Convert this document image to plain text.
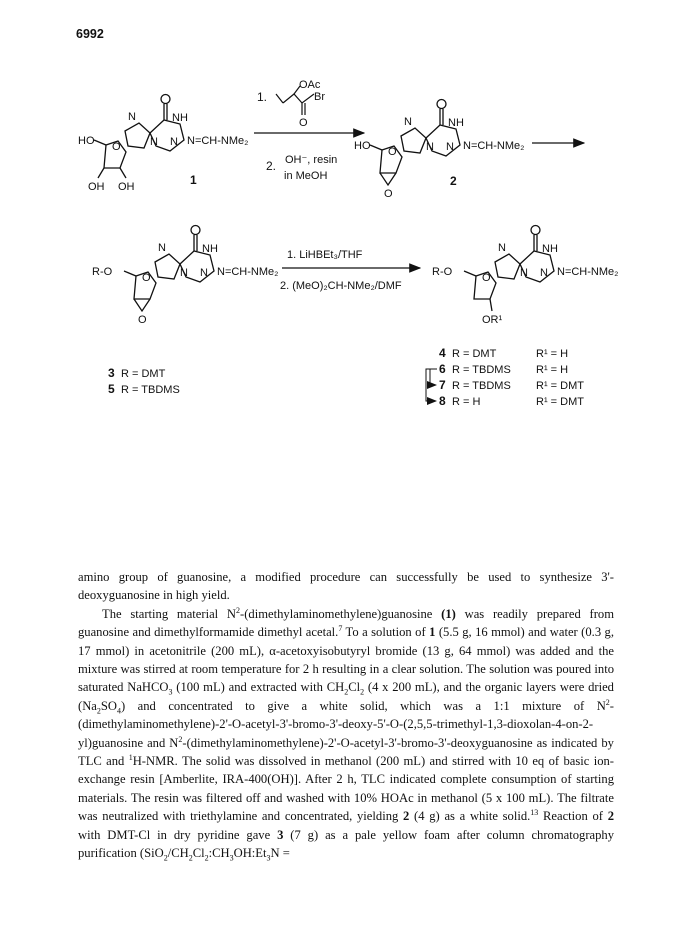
6992
N	NH
N N N=CH-NMe₂
O
HO
OH OH	1
1.
OAc
Br
O
2. OH⁻, resin
in MeOH
N	NH
N N N=CH-NMe₂
O
HO
O
2
N	NH
N N N=CH-NMe₂
O
R-O
O
1. LiHBEt₃/THF
2. (MeO)₂CH-NMe₂/DMF
N	NH
N N N=CH-NMe₂
O
R-O
OR¹
3 R = DMT
5 R = TBDMS
4 R = DMT	R¹ = H
6 R = TBDMS R¹ = H
7 R = TBDMS R¹ = DMT
8 R = H	R¹ = DMT

amino group of guanosine, a modified procedure can successfully be used to synthesize 3'-deoxyguanosine in high yield.

The starting material $N^2-(dimethylaminomethylene)guanosine$ (1) was readily prepared from guanosine and dimethylformamide dimethyl acetal.$^7$ To a solution of 1 (5.5 g, 16 mmol) and water (0.3 g, 17 mmol) in acetonitrile (200 mL), α-acetoxyisobutyryl bromide (13 g, 64 mmol) was added and the mixture was stirred at room temperature for 2 h resulting in a clear solution. The solution was poured into saturated NaHCO$_3$ (100 mL) and extracted with $CH_2Cl_2$ (4 x 200 mL), and the organic layers were dried $(Na_2SO_4)$ and concentrated to give a white solid, which was a 1:1 mixture of $N^2-(dimethylaminomethylene)-2'-O-acetyl-3'-bromo-3'-deoxy-5'-O-(2,5,5-trimethyl-1,3-dioxolan-4-on-2-yl)guanosine$ and $N^2-(dimethylaminomethylene)-2'-O-acetyl-3'-bromo-3'$-deoxyguanosine as indicated by TLC and $^1$H-NMR. The solid was dissolved in methanol (200 mL) and stirred with 10 eq of basic ion-exchange resin [Amberlite, IRA-400(OH)]. After 2 h, TLC indicated complete consumption of starting materials. The resin was filtered off and washed with 10% HOAc in methanol (5 x 100 mL). The filtrate was neutralized with triethylamine and concentrated, yielding 2 (4 g) as a white solid.$^{13}$ Reaction of 2 with DMT-Cl in dry pyridine gave 3 (7 g) as a pale yellow foam after column chromatography purification ($SiO_2/CH_2Cl_2:CH_3OH:Et_3N$ =
